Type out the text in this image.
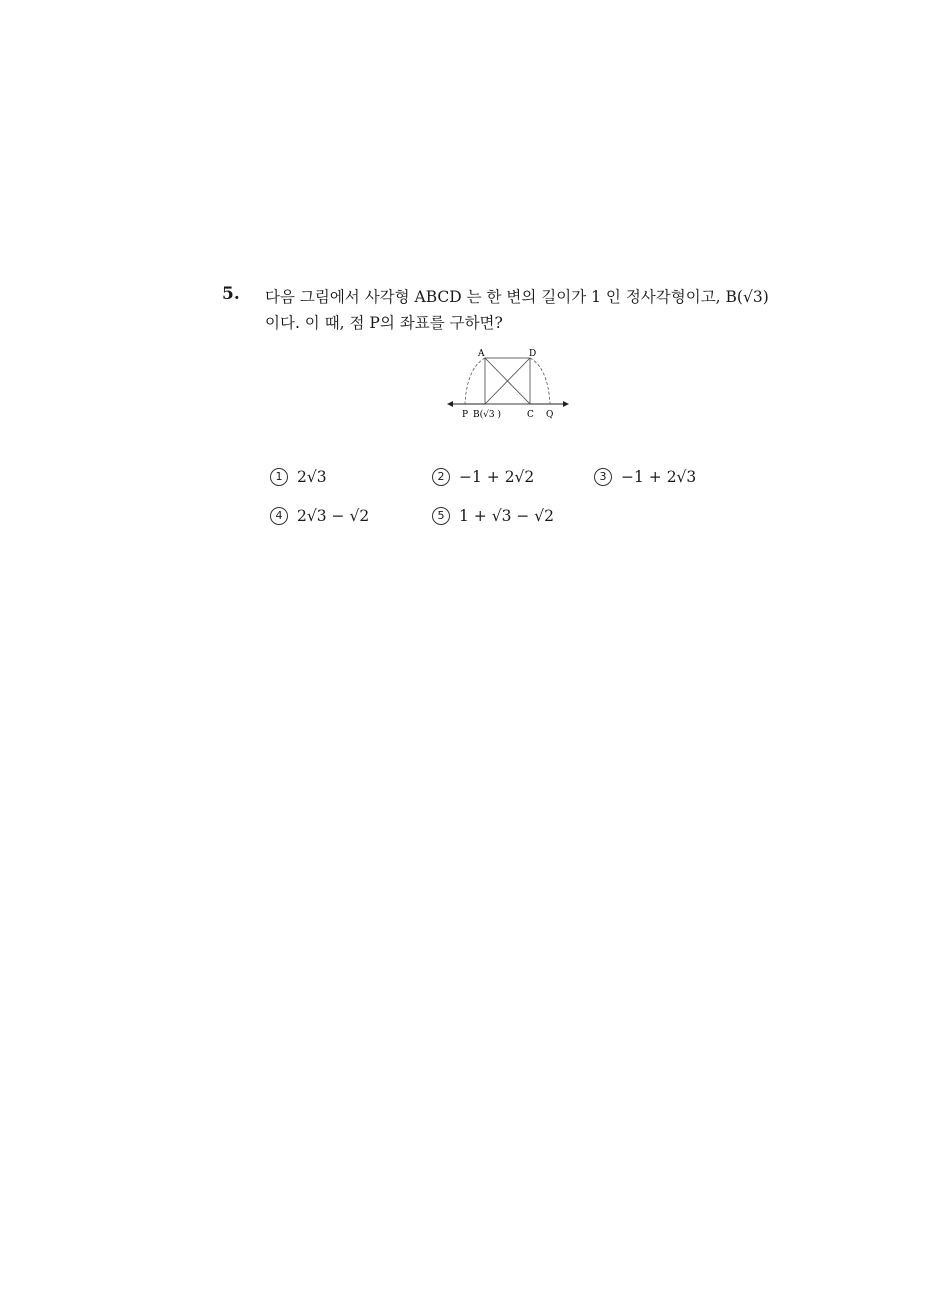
5. 다음 그림에서 사각형 ABCD 는 한 변의 길이가 1 인 정사각형이고, B(√3)
이다. 이 때, 점 P의 좌표를 구하면?
A	D
P B(√3 )	C Q
1 2√3	2 −1 + 2√2	3 −1 + 2√3
4 2√3 − √2	5 1 + √3 − √2
